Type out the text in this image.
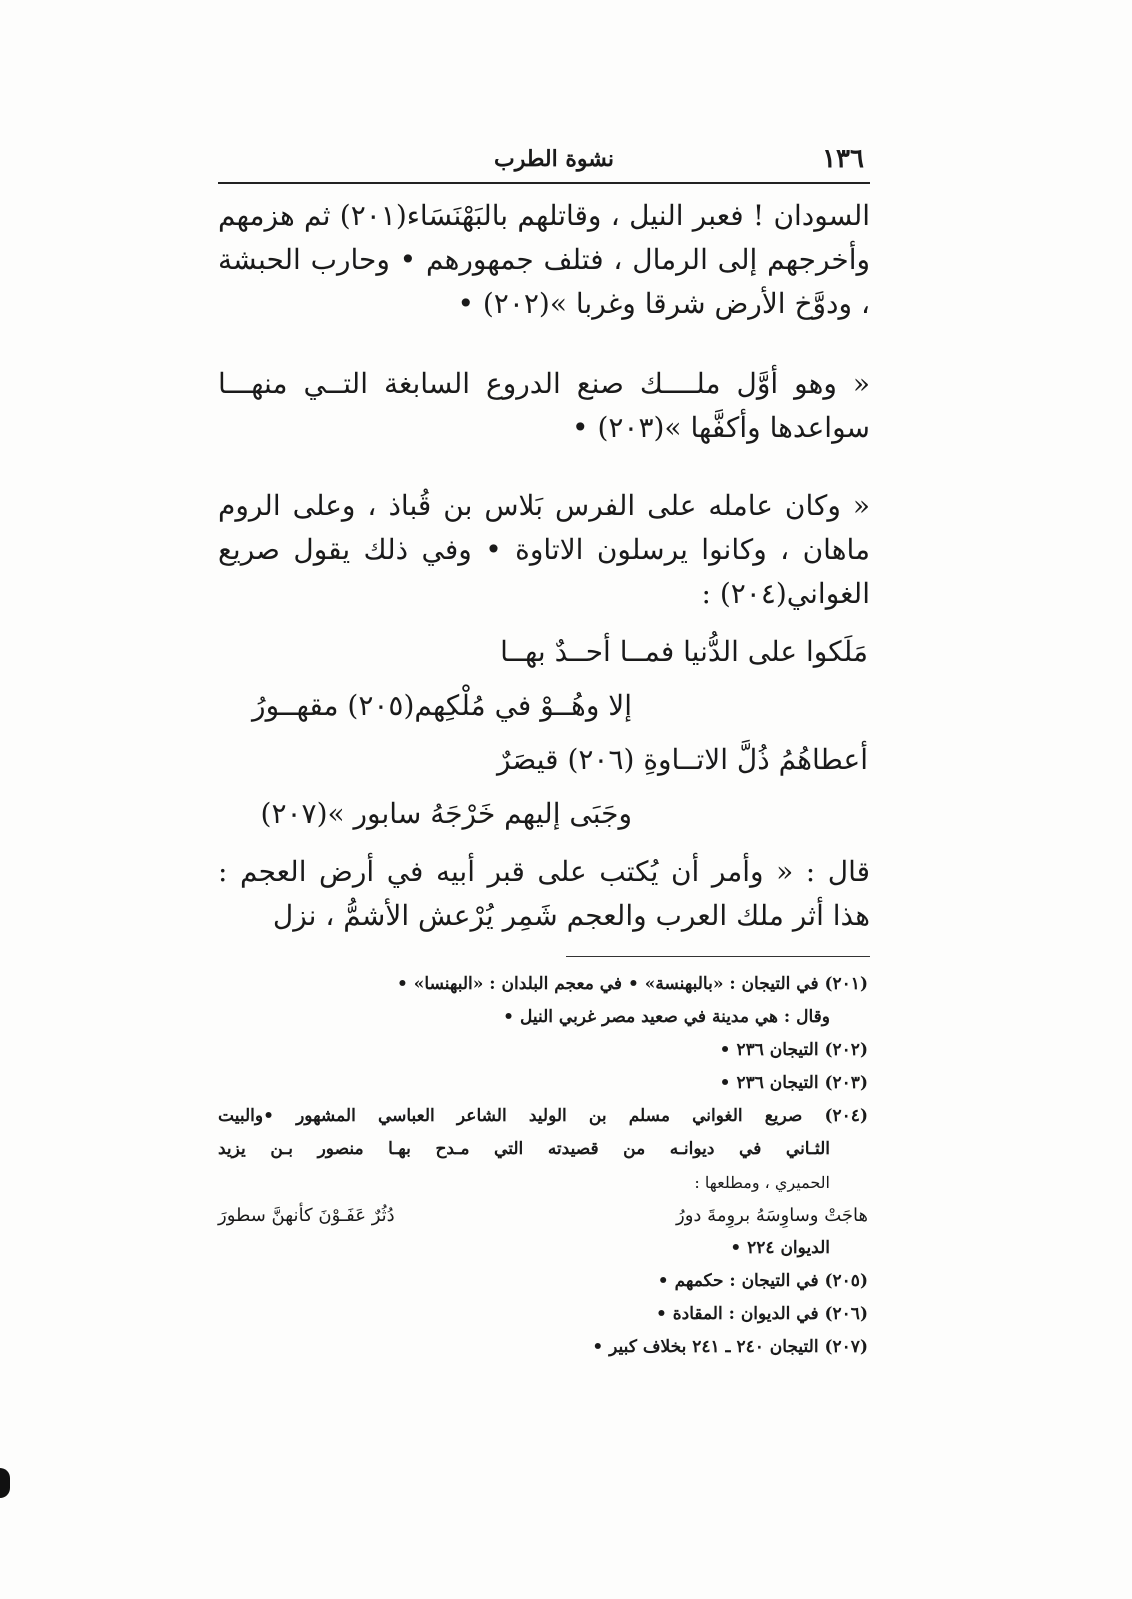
١٣٦
نشوة الطرب
السودان ! فعبر النيل ، وقاتلهم بالبَهْنَسَاء(٢٠١) ثم هزمهم وأخرجهم إلى الرمال ، فتلف جمهورهم • وحارب الحبشة ، ودوَّخ الأرض شرقا وغربا »(٢٠٢) •
« وهو أوَّل ملــــك صنع الدروع السابغة التــي منهـــا سواعدها وأكفَّها »(٢٠٣) •
« وكان عامله على الفرس بَلاس بن قُباذ ، وعلى الروم ماهان ، وكانوا يرسلون الاتاوة • وفي ذلك يقول صريع الغواني(٢٠٤) :
مَلَكوا على الدُّنيا فمــا أحــدٌ بهــا
إلا وهُــوْ في مُلْكِهم(٢٠٥) مقهــورُ
أعطاهُمُ ذُلَّ الاتــاوةِ (٢٠٦) قيصَرٌ
وجَبَى إليهم خَرْجَهُ سابور »(٢٠٧)
قال : « وأمر أن يُكتب على قبر أبيه في أرض العجم : هذا أثر ملك العرب والعجم شَمِر يُرْعش الأشمُّ ، نزل
(٢٠١) في التيجان : «بالبهنسة» • في معجم البلدان : «البهنسا» •
وقال : هي مدينة في صعيد مصر غربي النيل •
(٢٠٢) التيجان ٢٣٦ •
(٢٠٣) التيجان ٢٣٦ •
(٢٠٤) صريع الغواني مسلم بن الوليد الشاعر العباسي المشهور •والبيت
الثـاني في ديوانـه من قصيدته التي مـدح بهـا منصور بـن يزيد
الحميري ، ومطلعها :
هاجَتْ وساوِسَهُ بروِمةَ دورُ
دُثُرٌ عَفَـوْنَ كأنهنَّ سطورَ
الديوان ٢٢٤ •
(٢٠٥) في التيجان : حكمهم •
(٢٠٦) في الديوان : المقادة •
(٢٠٧) التيجان ٢٤٠ ـ ٢٤١ بخلاف كبير •
